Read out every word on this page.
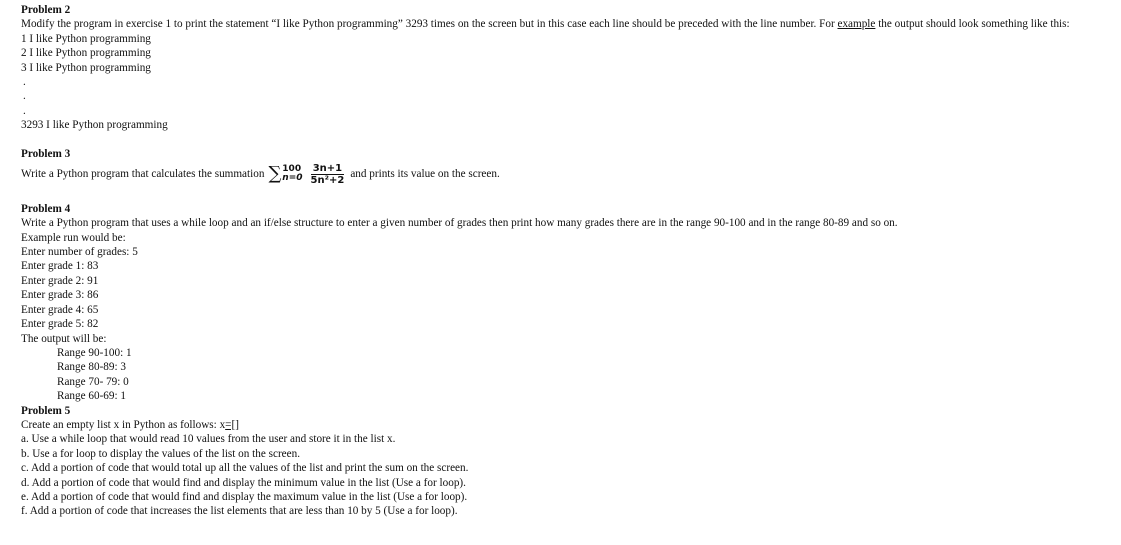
Problem 2
Modify the program in exercise 1 to print the statement “I like Python programming” 3293 times on the screen but in this case each line should be preceded with the line number. For example the output should look something like this:
1 I like Python programming
2 I like Python programming
3 I like Python programming
.
.
.
3293 I like Python programming
Problem 3
Write a Python program that calculates the summation ∑ 100
$n=0 \frac{3n+1}{\text{5n²+2}}$ and prints its value on the screen.
Problem 4
Write a Python program that uses a while loop and an if/else structure to enter a given number of grades then print how many grades there are in the range 90-100 and in the range 80-89 and so on.
Example run would be:
Enter number of grades: 5
Enter grade 1: 83
Enter grade 2: 91
Enter grade 3: 86
Enter grade 4: 65
Enter grade 5: 82
The output will be:
Range 90-100: 1
Range 80-89: 3
Range 70- 79: 0
Range 60-69: 1
Problem 5
Create an empty list x in Python as follows: x=[]
a. Use a while loop that would read 10 values from the user and store it in the list x.
b. Use a for loop to display the values of the list on the screen.
c. Add a portion of code that would total up all the values of the list and print the sum on the screen.
d. Add a portion of code that would find and display the minimum value in the list (Use a for loop).
e. Add a portion of code that would find and display the maximum value in the list (Use a for loop).
f. Add a portion of code that increases the list elements that are less than 10 by 5 (Use a for loop).
